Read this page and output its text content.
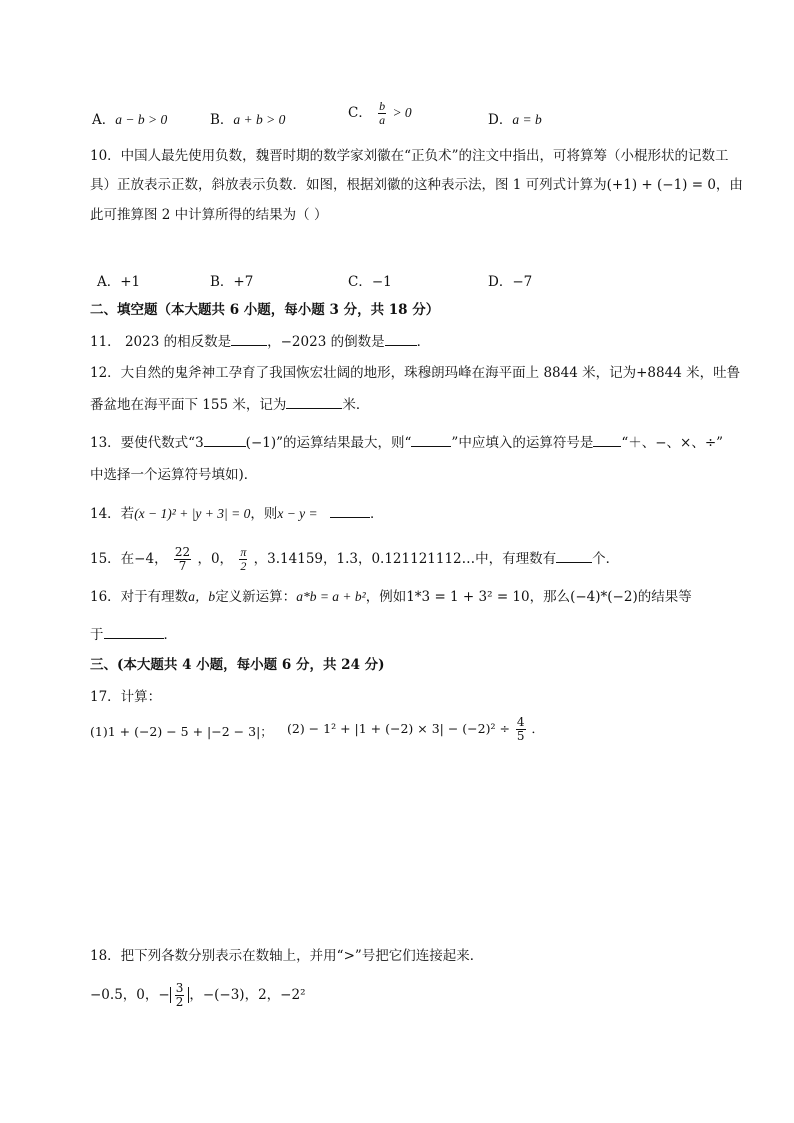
A．a − b > 0	B．a + b > 0	C． $\frac{b}{a} > 0$	D．a = b
10．中国人最先使用负数，魏晋时期的数学家刘徽在“正负术”的注文中指出，可将算筹（小棍形状的记数工
具）正放表示正数，斜放表示负数．如图，根据刘徽的这种表示法，图 1 可列式计算为(+1) + (−1) = 0，由
此可推算图 2 中计算所得的结果为（ ）
A．+1	B．+7	C．−1	D．−7
二、填空题（本大题共 6 小题，每小题 3 分，共 18 分）
11． 2023 的相反数是	，−2023 的倒数是 ．
12．大自然的鬼斧神工孕育了我国恢宏壮阔的地形，珠穆朗玛峰在海平面上 8844 米，记为+8844 米，吐鲁
番盆地在海平面下 155 米，记为	米．
13．要使代数式“3	(−1)”的运算结果最大，则“	”中应填入的运算符号是 “＋、−、×、÷”
中选择一个运算符号填如)．
14．若(x − 1)² + |y + 3| = 0，则x − y =	．
15．在−4， $\frac{22}{7}$ ，0， $\frac{\pi}{2}$ ，3.14159，1.3，0.121121112…中，有理数有	个．
16．对于有理数a，b定义新运算：a*b = a + b²，例如1*3 = 1 + 3² = 10，那么(−4)*(−2)的结果等
于	．
三、(本大题共 4 小题，每小题 6 分，共 24 分)
17．计算：
(1)1 + (−2) − 5 + |−2 − 3|； $(2) - 1^2 + |1 + (-2) \times 3| - (-2)^2 \div \frac{4}{5}$ ．
18．把下列各数分别表示在数轴上，并用“>”号把它们连接起来．
−0.5，0，− $\frac{3}{2}$ ，−(−3)，2，−2²
